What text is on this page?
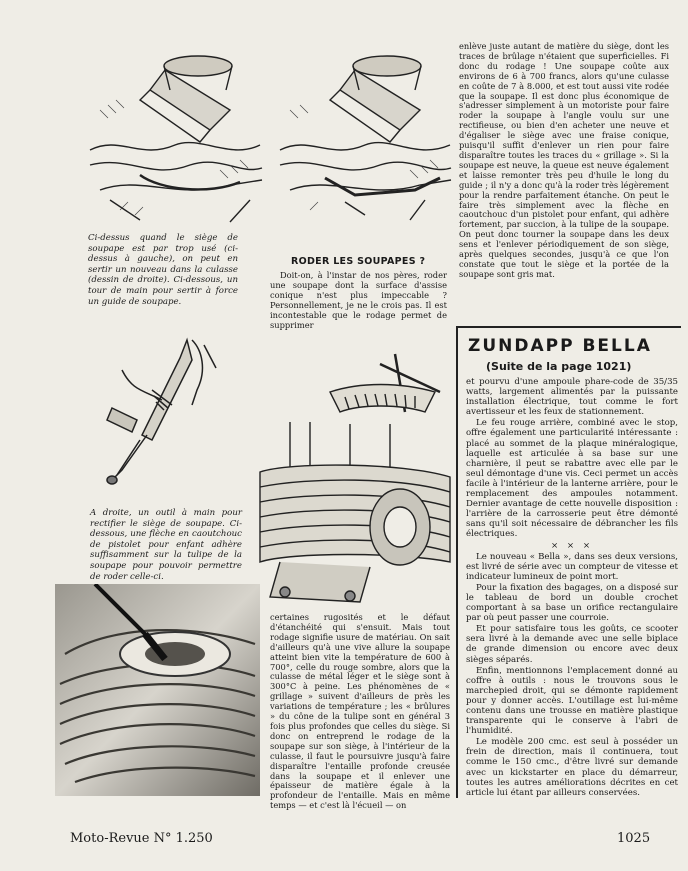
Ci-dessus quand le siège de soupape est par trop usé (ci-dessus à gauche), on peut en sertir un nouveau dans la culasse (dessin de droite). Ci-dessous, un tour de main pour sertir à force un guide de soupape.

RODER LES SOUPAPES ?

Doit-on, à l'instar de nos pères, roder une soupape dont la surface d'assise conique n'est plus impeccable ? Personnellement, je ne le crois pas. Il est incontestable que le rodage permet de supprimer

enlève juste autant de matière du siège, dont les traces de brûlage n'étaient que superficielles. Fi donc du rodage ! Une soupape coûte aux environs de 6 à 700 francs, alors qu'une culasse en coûte de 7 à 8.000, et est tout aussi vite rodée que la soupape. Il est donc plus économique de s'adresser simplement à un motoriste pour faire roder la soupape à l'angle voulu sur une rectifieuse, ou bien d'en acheter une neuve et d'égaliser le siège avec une fraise conique, puisqu'il suffit d'enlever un rien pour faire disparaître toutes les traces du « grillage ». Si la soupape est neuve, la queue est neuve également et laisse remonter très peu d'huile le long du guide ; il n'y a donc qu'à la roder très légèrement pour la rendre parfaitement étanche. On peut le faire très simplement avec la flèche en caoutchouc d'un pistolet pour enfant, qui adhère fortement, par succion, à la tulipe de la soupape. On peut donc tourner la soupape dans les deux sens et l'enlever périodiquement de son siège, après quelques secondes, jusqu'à ce que l'on constate que tout le siège et la portée de la soupape sont gris mat.

A droite, un outil à main pour rectifier le siège de soupape. Ci-dessous, une flèche en caoutchouc de pistolet pour enfant adhère suffisamment sur la tulipe de la soupape pour pouvoir permettre de roder celle-ci.

certaines rugosités et le défaut d'étanchéité qui s'ensuit. Mais tout rodage signifie usure de matériau. On sait d'ailleurs qu'à une vive allure la soupape atteint bien vite la température de 600 à 700°, celle du rouge sombre, alors que la culasse de métal léger et le siège sont à 300°C à peine. Les phénomènes de « grillage » suivent d'ailleurs de près les variations de température ; les « brûlures » du cône de la tulipe sont en général 3 fois plus profondes que celles du siège. Si donc on entreprend le rodage de la soupape sur son siège, à l'intérieur de la culasse, il faut le poursuivre jusqu'à faire disparaître l'entaille profonde creusée dans la soupape et il enlever une épaisseur de matière égale à la profondeur de l'entaille. Mais en même temps — et c'est là l'écueil — on

ZUNDAPP BELLA
(Suite de la page 1021)

et pourvu d'une ampoule phare-code de 35/35 watts, largement alimentés par la puissante installation électrique, tout comme le fort avertisseur et les feux de stationnement.

Le feu rouge arrière, combiné avec le stop, offre également une particularité intéressante : placé au sommet de la plaque minéralogique, laquelle est articulée à sa base sur une charnière, il peut se rabattre avec elle par le seul démontage d'une vis. Ceci permet un accès facile à l'intérieur de la lanterne arrière, pour le remplacement des ampoules notamment. Dernier avantage de cette nouvelle disposition : l'arrière de la carrosserie peut être démonté sans qu'il soit nécessaire de débrancher les fils électriques.

× × ×

Le nouveau « Bella », dans ses deux versions, est livré de série avec un compteur de vitesse et indicateur lumineux de point mort.

Pour la fixation des bagages, on a disposé sur le tableau de bord un double crochet comportant à sa base un orifice rectangulaire par où peut passer une courroie.

Et pour satisfaire tous les goûts, ce scooter sera livré à la demande avec une selle biplace de grande dimension ou encore avec deux sièges séparés.

Enfin, mentionnons l'emplacement donné au coffre à outils : nous le trouvons sous le marchepied droit, qui se démonte rapidement pour y donner accès. L'outillage est lui-même contenu dans une trousse en matière plastique transparente qui le conserve à l'abri de l'humidité.

Le modèle 200 cmc. est seul à posséder un frein de direction, mais il continuera, tout comme le 150 cmc., d'être livré sur demande avec un kickstarter en place du démarreur, toutes les autres améliorations décrites en cet article lui étant par ailleurs conservées.

Moto-Revue N° 1.250	1025
